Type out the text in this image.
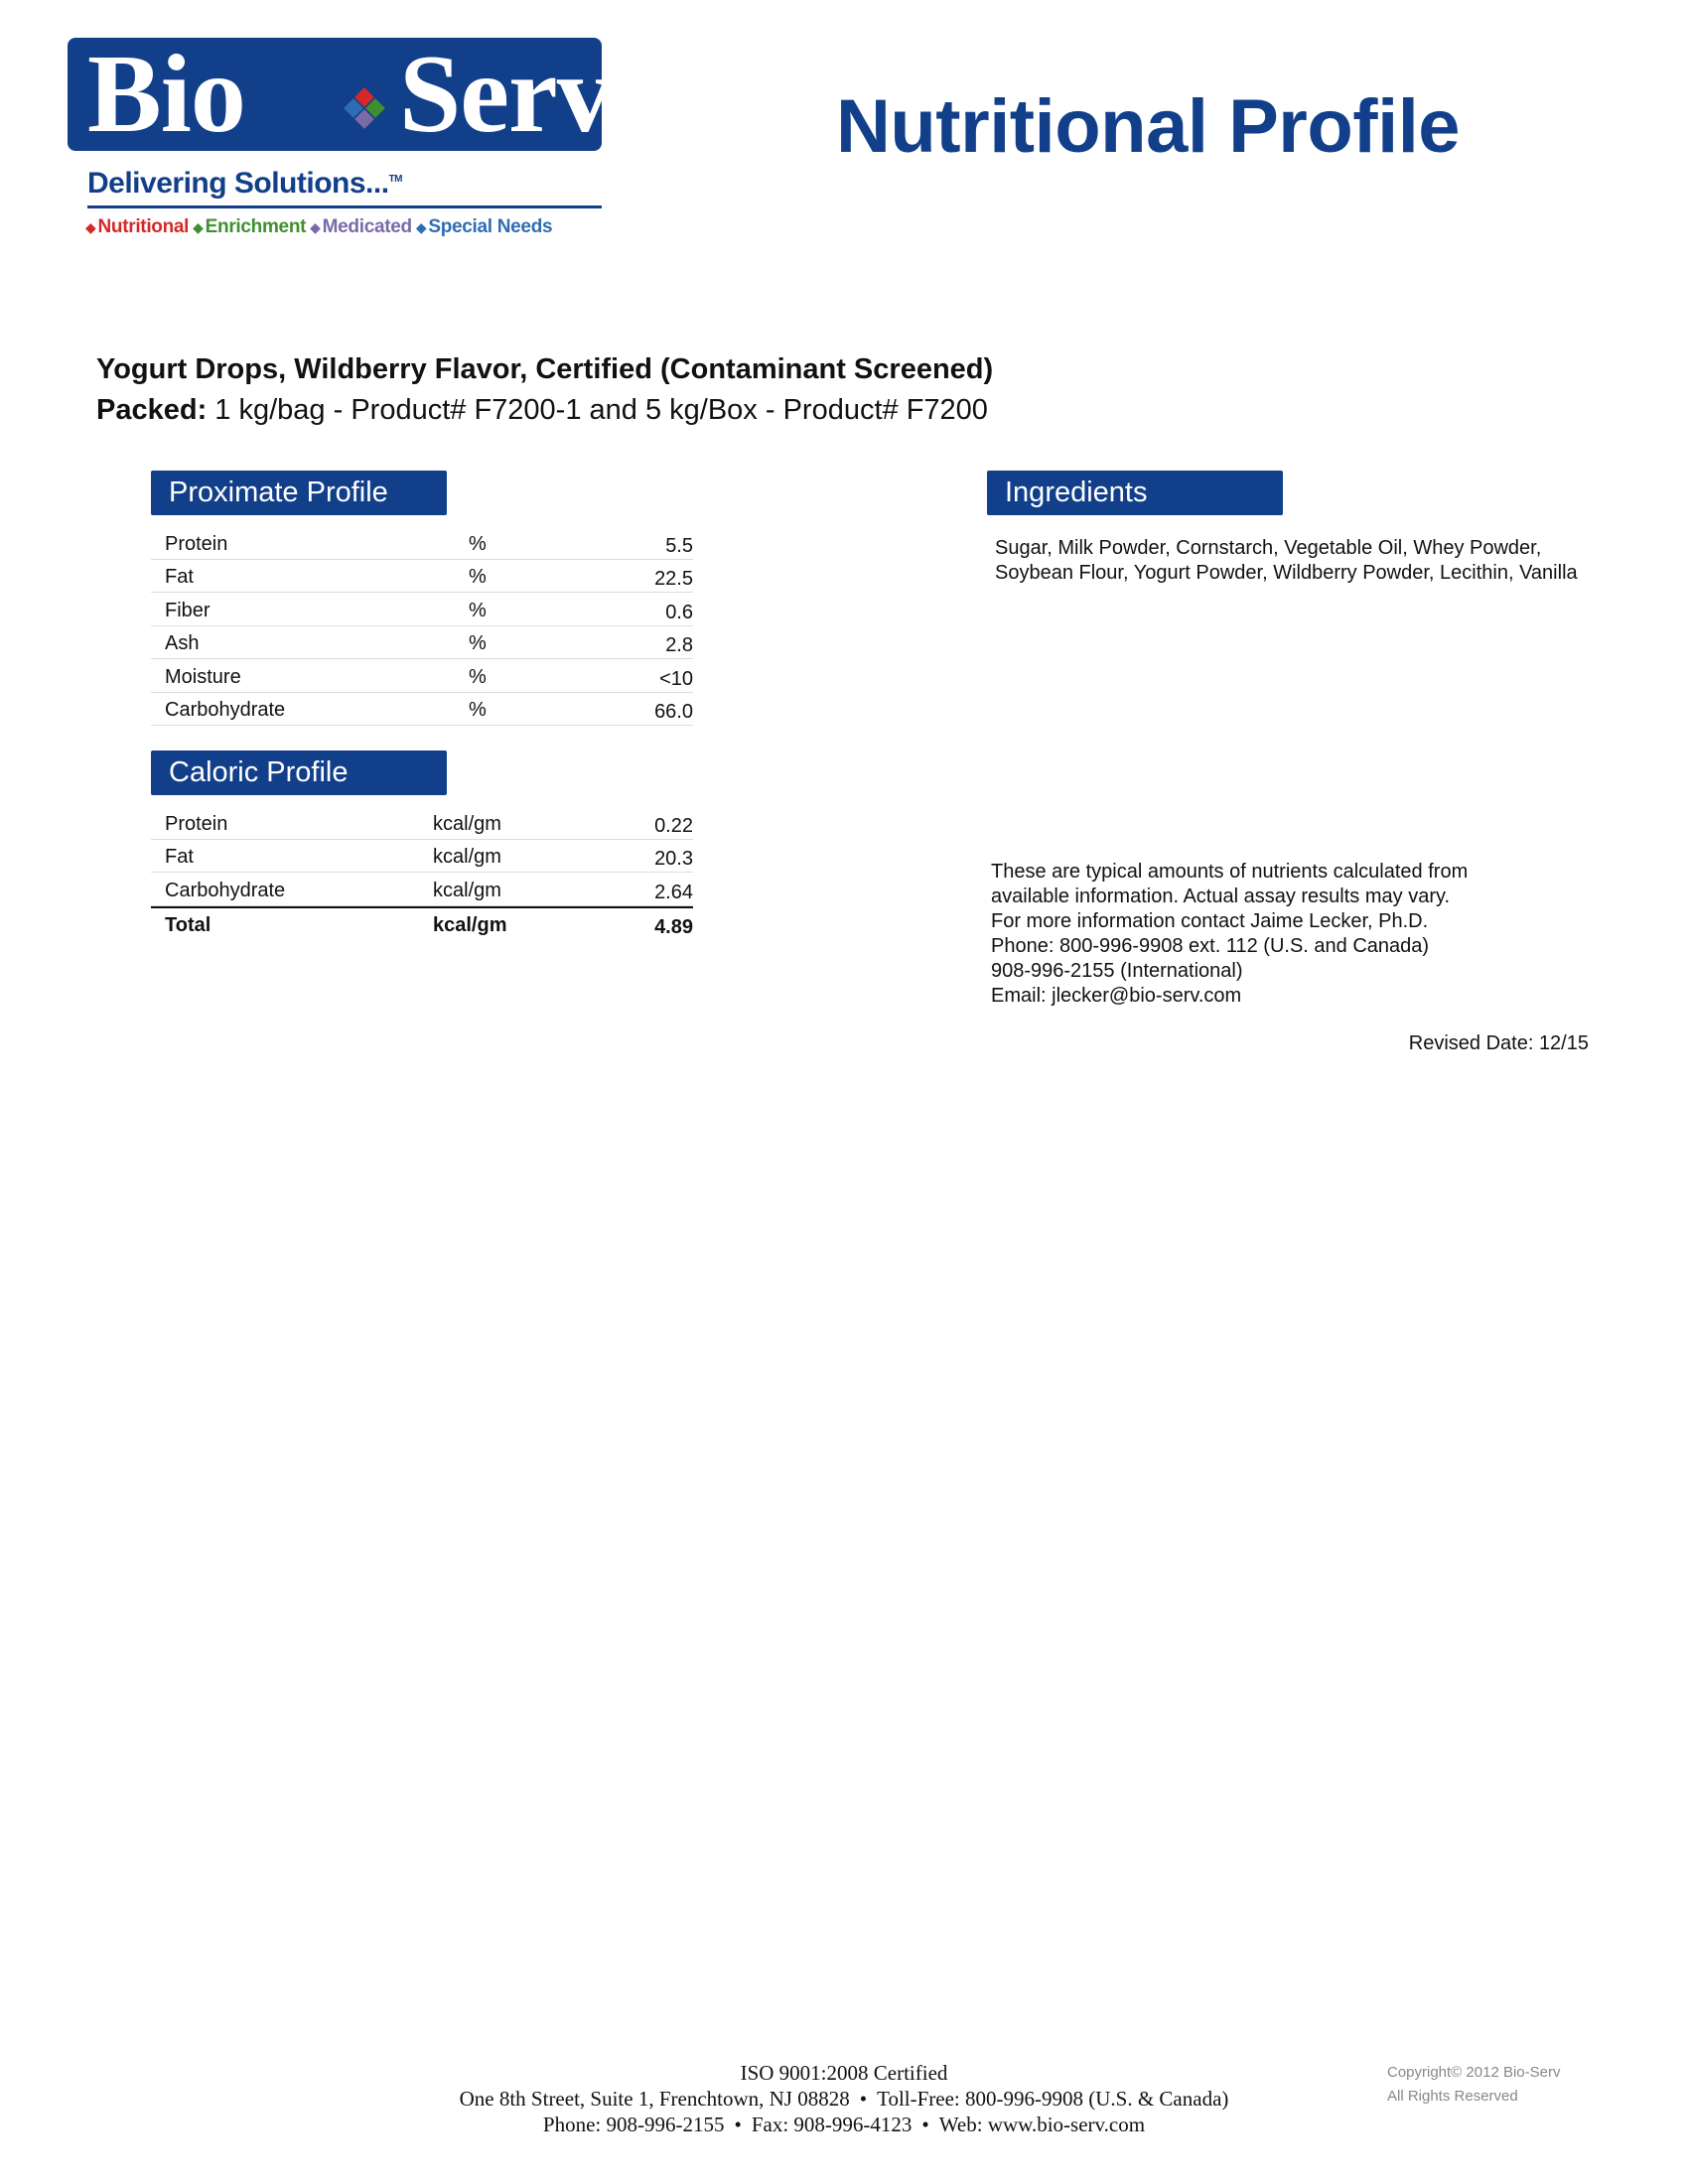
Bio Serv	R
Delivering Solutions...™
◆ Nutritional ◆ Enrichment ◆ Medicated ◆ Special Needs
Nutritional Profile
Yogurt Drops, Wildberry Flavor, Certified (Contaminant Screened)
Packed: 1 kg/bag - Product# F7200-1 and 5 kg/Box - Product# F7200
Proximate Profile
Protein	%	5.5
Fat	%	22.5
Fiber	%	0.6
Ash	%	2.8
Moisture	%	<10
Carbohydrate	%	66.0
Caloric Profile
Protein	kcal/gm	0.22
Fat	kcal/gm	20.3
Carbohydrate	kcal/gm	2.64
Total	kcal/gm	4.89
Ingredients
Sugar, Milk Powder, Cornstarch, Vegetable Oil, Whey Powder, Soybean Flour, Yogurt Powder, Wildberry Powder, Lecithin, Vanilla
These are typical amounts of nutrients calculated from
available information. Actual assay results may vary.
For more information contact Jaime Lecker, Ph.D.
Phone: 800-996-9908 ext. 112 (U.S. and Canada)
908-996-2155 (International)
Email: jlecker@bio-serv.com
Revised Date: 12/15
ISO 9001:2008 Certified
One 8th Street, Suite 1, Frenchtown, NJ 08828 • Toll-Free: 800-996-9908 (U.S. & Canada)
Phone: 908-996-2155 • Fax: 908-996-4123 • Web: www.bio-serv.com
Copyright© 2012 Bio-Serv
All Rights Reserved
